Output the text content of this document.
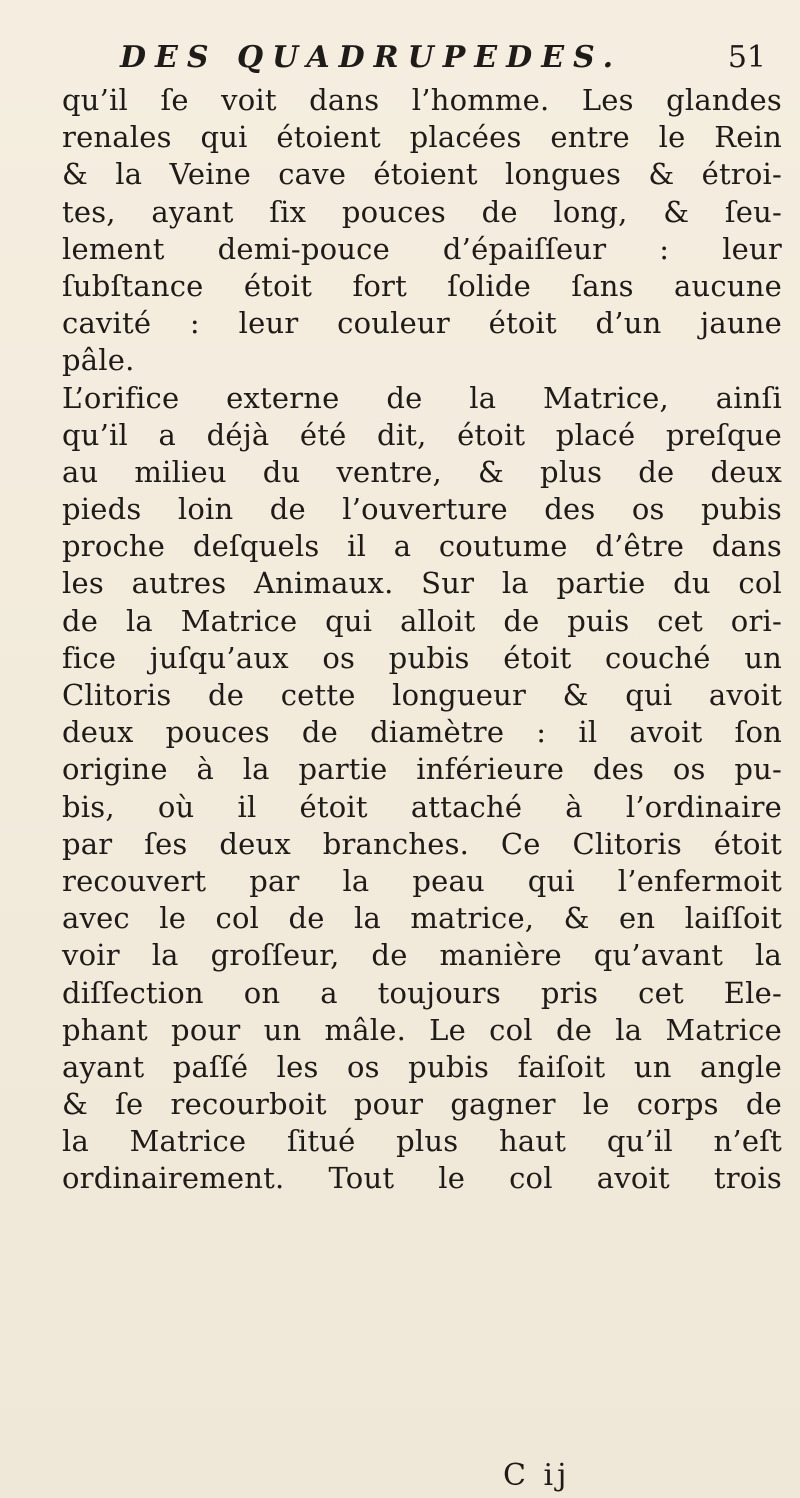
DES QUADRUPEDES.	51
qu’il ſe voit dans l’homme. Les glandes
renales qui étoient placées entre le Rein
& la Veine cave étoient longues & étroi-
tes, ayant ſix pouces de long, & ſeu-
lement demi-pouce d’épaiſſeur : leur
ſubſtance étoit fort ſolide ſans aucune
cavité : leur couleur étoit d’un jaune
pâle.
L’orifice externe de la Matrice, ainſi
qu’il a déjà été dit, étoit placé preſque
au milieu du ventre, & plus de deux
pieds loin de l’ouverture des os pubis
proche deſquels il a coutume d’être dans
les autres Animaux. Sur la partie du col
de la Matrice qui alloit de puis cet ori-
fice juſqu’aux os pubis étoit couché un
Clitoris de cette longueur & qui avoit
deux pouces de diamètre : il avoit ſon
origine à la partie inférieure des os pu-
bis, où il étoit attaché à l’ordinaire
par ſes deux branches. Ce Clitoris étoit
recouvert par la peau qui l’enfermoit
avec le col de la matrice, & en laiſſoit
voir la groſſeur, de manière qu’avant la
diſſection on a toujours pris cet Ele-
phant pour un mâle. Le col de la Matrice
ayant paſſé les os pubis faiſoit un angle
& ſe recourboit pour gagner le corps de
la Matrice ſitué plus haut qu’il n’eſt
ordinairement. Tout le col avoit trois
C ij
